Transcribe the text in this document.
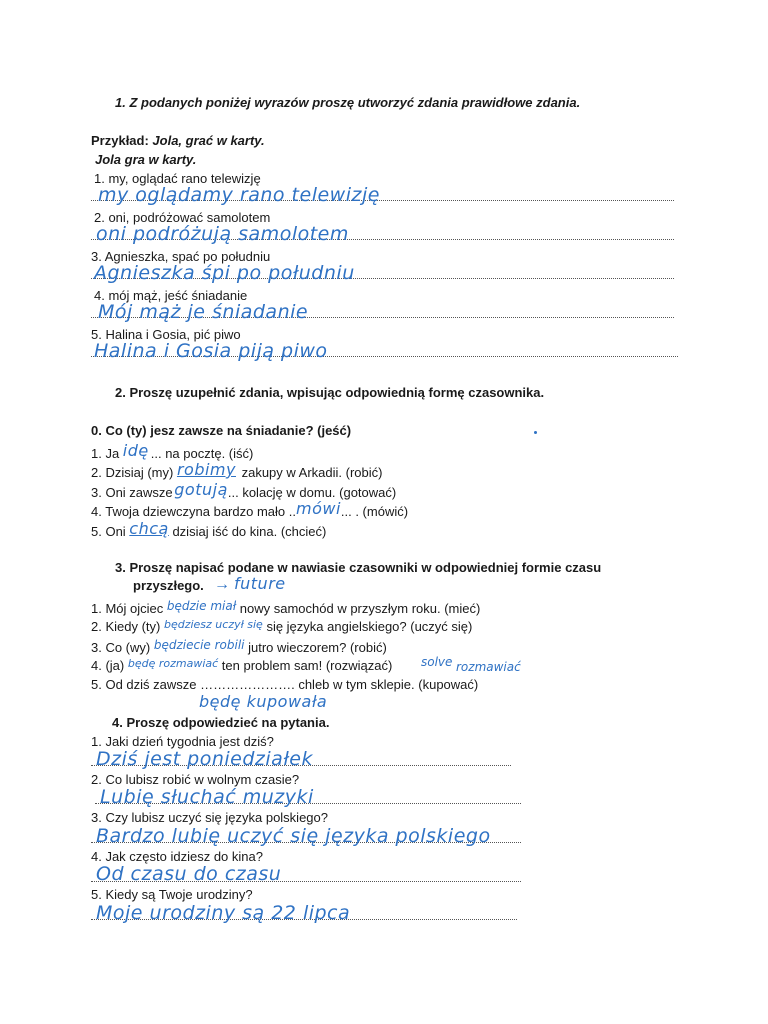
1. Z podanych poniżej wyrazów proszę utworzyć zdania prawidłowe zdania.
Przykład: Jola, grać w karty.
Jola gra w karty.
1. my, oglądać rano telewizję
my oglądamy rano telewizję
2. oni, podróżować samolotem
oni podróżują samolotem
3. Agnieszka, spać po południu
Agnieszka śpi po południu
4. mój mąż, jeść śniadanie
Mój mąż je śniadanie
5. Halina i Gosia, pić piwo
Halina i Gosia piją piwo
2. Proszę uzupełnić zdania, wpisując odpowiednią formę czasownika.
0. Co (ty) jesz zawsze na śniadanie? (jeść)
1. Ja idę ... na pocztę. (iść)
2. Dzisiaj (my) robimy zakupy w Arkadii. (robić)
3. Oni zawsze gotują... kolację w domu. (gotować)
4. Twoja dziewczyna bardzo mało ..mówi... . (mówić)
5. Oni chcą dzisiaj iść do kina. (chcieć)
3. Proszę napisać podane w nawiasie czasowniki w odpowiedniej formie czasu
przyszłego. → future
1. Mój ojciec będzie miał nowy samochód w przyszłym roku. (mieć)
2. Kiedy (ty) $^{będziesz uczył się}$ się języka angielskiego? (uczyć się)
3. Co (wy) będziecie robili jutro wieczorem? (robić)
4. (ja) $^{będę rozmawiać}$ ten problem sam! (rozwiązać) solve rozmawiać
5. Od dziś zawsze …………………. chleb w tym sklepie. (kupować)
będę kupowała
4. Proszę odpowiedzieć na pytania.
1. Jaki dzień tygodnia jest dziś?
Dziś jest poniedziałek
2. Co lubisz robić w wolnym czasie?
Lubię słuchać muzyki
3. Czy lubisz uczyć się języka polskiego?
Bardzo lubię uczyć się języka polskiego
4. Jak często idziesz do kina?
Od czasu do czasu
5. Kiedy są Twoje urodziny?
Moje urodziny są 22 lipca
